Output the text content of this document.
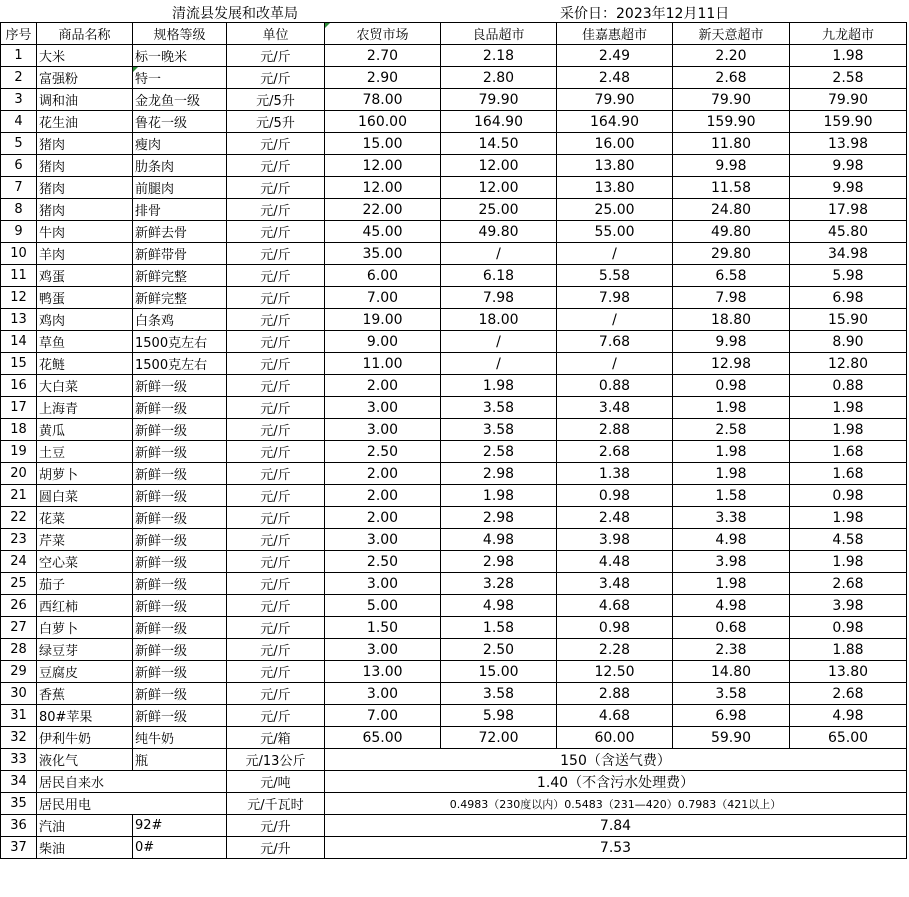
清流县发展和改革局	采价日：2023年12月11日
序号	商品名称	规格等级	单位	农贸市场	良品超市	佳嘉惠超市	新天意超市	九龙超市
1	大米	标一晚米	元/斤	2.70	2.18	2.49	2.20	1.98
2	富强粉	特一	元/斤	2.90	2.80	2.48	2.68	2.58
3	调和油	金龙鱼一级	元/5升	78.00	79.90	79.90	79.90	79.90
4	花生油	鲁花一级	元/5升	160.00	164.90	164.90	159.90	159.90
5	猪肉	瘦肉	元/斤	15.00	14.50	16.00	11.80	13.98
6	猪肉	肋条肉	元/斤	12.00	12.00	13.80	9.98	9.98
7	猪肉	前腿肉	元/斤	12.00	12.00	13.80	11.58	9.98
8	猪肉	排骨	元/斤	22.00	25.00	25.00	24.80	17.98
9	牛肉	新鲜去骨	元/斤	45.00	49.80	55.00	49.80	45.80
10	羊肉	新鲜带骨	元/斤	35.00	/	/	29.80	34.98
11	鸡蛋	新鲜完整	元/斤	6.00	6.18	5.58	6.58	5.98
12	鸭蛋	新鲜完整	元/斤	7.00	7.98	7.98	7.98	6.98
13	鸡肉	白条鸡	元/斤	19.00	18.00	/	18.80	15.90
14	草鱼	1500克左右	元/斤	9.00	/	7.68	9.98	8.90
15	花鲢	1500克左右	元/斤	11.00	/	/	12.98	12.80
16	大白菜	新鲜一级	元/斤	2.00	1.98	0.88	0.98	0.88
17	上海青	新鲜一级	元/斤	3.00	3.58	3.48	1.98	1.98
18	黄瓜	新鲜一级	元/斤	3.00	3.58	2.88	2.58	1.98
19	土豆	新鲜一级	元/斤	2.50	2.58	2.68	1.98	1.68
20	胡萝卜	新鲜一级	元/斤	2.00	2.98	1.38	1.98	1.68
21	圆白菜	新鲜一级	元/斤	2.00	1.98	0.98	1.58	0.98
22	花菜	新鲜一级	元/斤	2.00	2.98	2.48	3.38	1.98
23	芹菜	新鲜一级	元/斤	3.00	4.98	3.98	4.98	4.58
24	空心菜	新鲜一级	元/斤	2.50	2.98	4.48	3.98	1.98
25	茄子	新鲜一级	元/斤	3.00	3.28	3.48	1.98	2.68
26	西红柿	新鲜一级	元/斤	5.00	4.98	4.68	4.98	3.98
27	白萝卜	新鲜一级	元/斤	1.50	1.58	0.98	0.68	0.98
28	绿豆芽	新鲜一级	元/斤	3.00	2.50	2.28	2.38	1.88
29	豆腐皮	新鲜一级	元/斤	13.00	15.00	12.50	14.80	13.80
30	香蕉	新鲜一级	元/斤	3.00	3.58	2.88	3.58	2.68
31	80#苹果	新鲜一级	元/斤	7.00	5.98	4.68	6.98	4.98
32	伊利牛奶	纯牛奶	元/箱	65.00	72.00	60.00	59.90	65.00
33	液化气	瓶	元/13公斤	150（含送气费）				
34	居民自来水		元/吨	1.40（不含污水处理费）				
35	居民用电		元/千瓦时	0.4983（230度以内）0.5483（231—420）0.7983（421以上）				
36	汽油	92#	元/升	7.84				
37	柴油	0#	元/升	7.53				
